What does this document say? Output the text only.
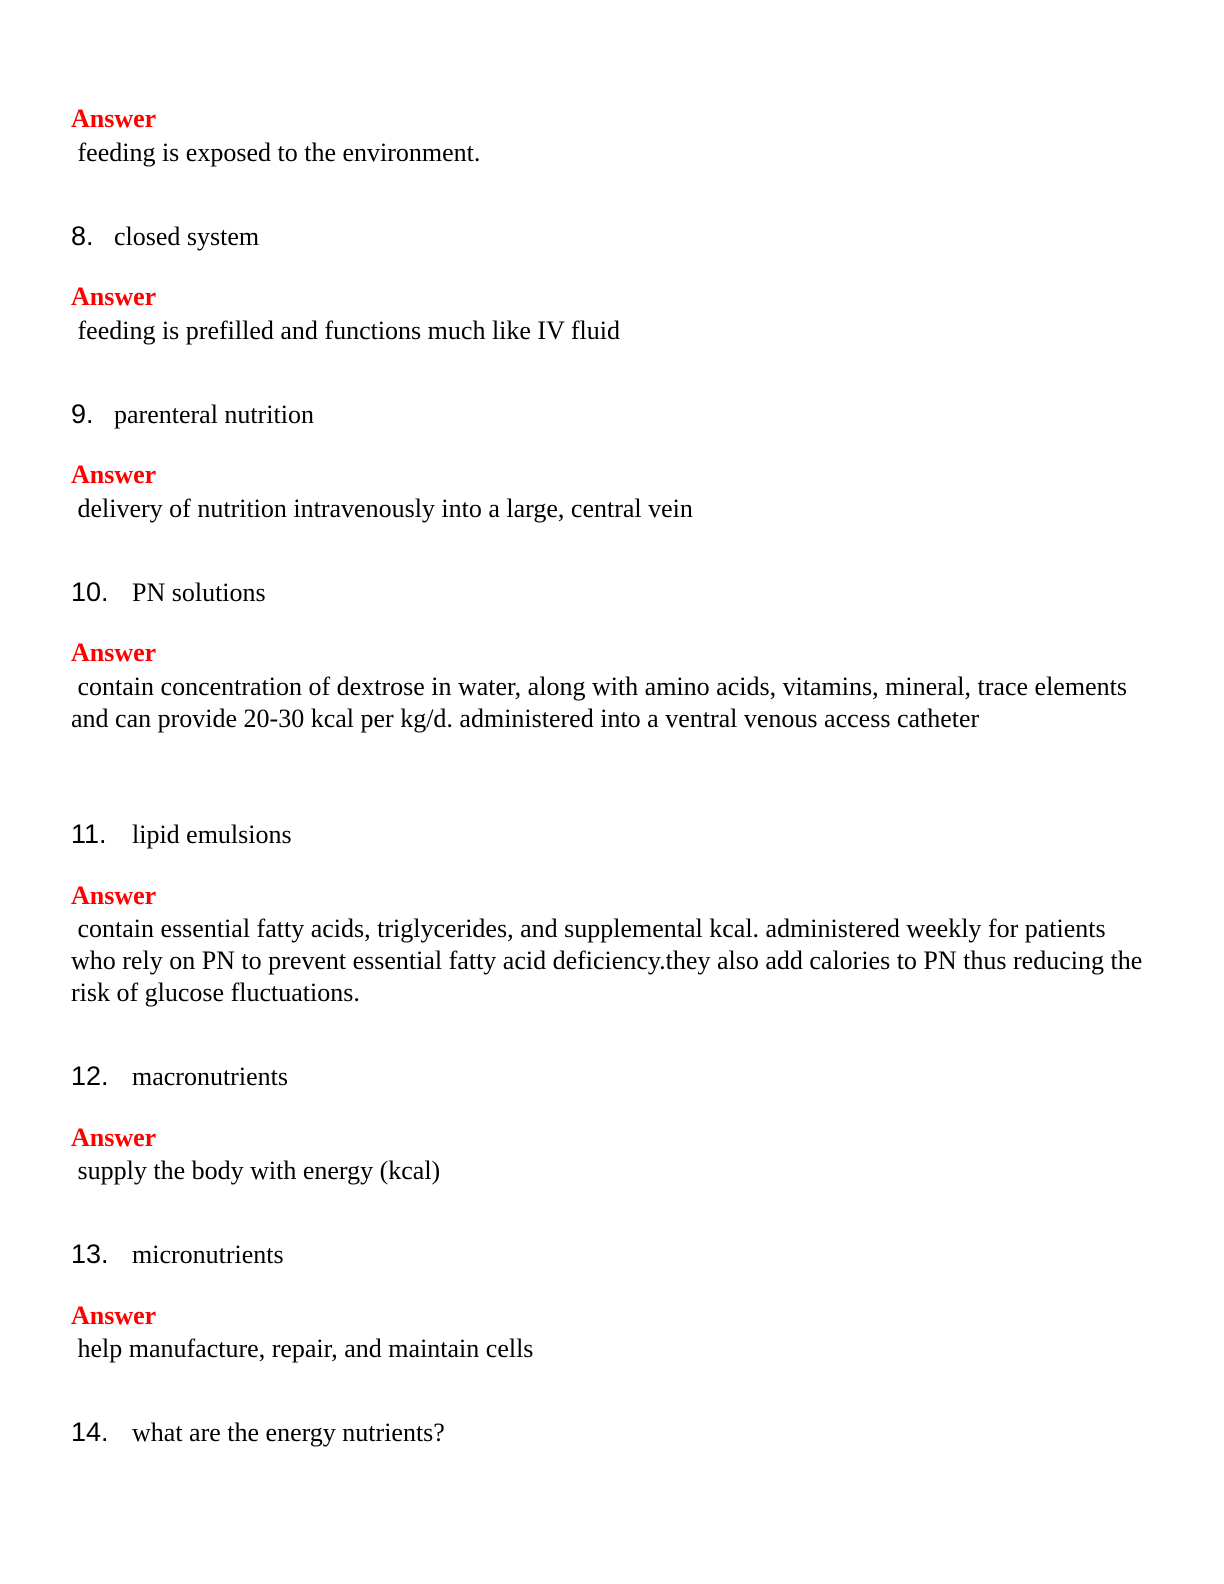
Answer
feeding is exposed to the environment.
8. closed system
Answer
feeding is prefilled and functions much like IV fluid
9. parenteral nutrition
Answer
delivery of nutrition intravenously into a large, central vein
10. PN solutions
Answer
contain concentration of dextrose in water, along with amino acids, vitamins, mineral, trace elements and can provide 20-30 kcal per kg/d. administered into a ventral venous access catheter
11. lipid emulsions
Answer
contain essential fatty acids, triglycerides, and supplemental kcal. administered weekly for patients who rely on PN to prevent essential fatty acid deficiency.they also add calories to PN thus reducing the risk of glucose fluctuations.
12. macronutrients
Answer
supply the body with energy (kcal)
13. micronutrients
Answer
help manufacture, repair, and maintain cells
14. what are the energy nutrients?
